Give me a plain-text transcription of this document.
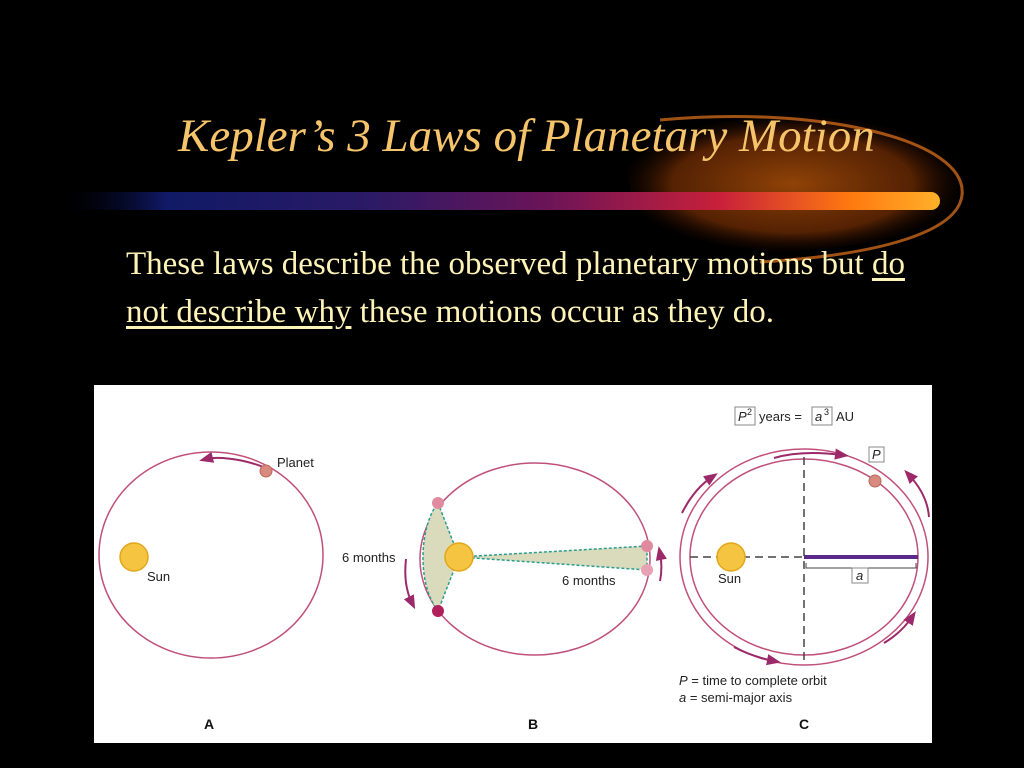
Kepler’s 3 Laws of Planetary Motion

These laws describe the observed planetary motions but do not describe why these motions occur as they do.

Planet
Sun
A
6 months
6 months
B
a
P
Sun
P 2 years = a 3 AU
P = time to complete orbit
a = semi-major axis
C
